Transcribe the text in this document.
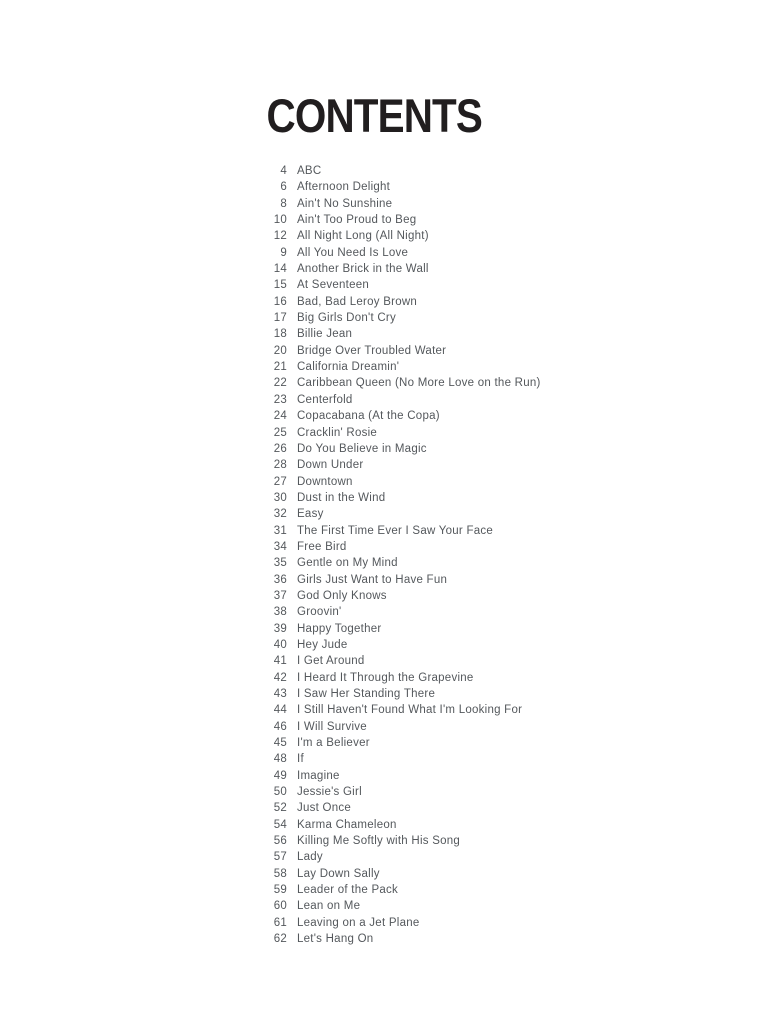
CONTENTS
4 ABC
6 Afternoon Delight
8 Ain't No Sunshine
10 Ain't Too Proud to Beg
12 All Night Long (All Night)
9 All You Need Is Love
14 Another Brick in the Wall
15 At Seventeen
16 Bad, Bad Leroy Brown
17 Big Girls Don't Cry
18 Billie Jean
20 Bridge Over Troubled Water
21 California Dreamin'
22 Caribbean Queen (No More Love on the Run)
23 Centerfold
24 Copacabana (At the Copa)
25 Cracklin' Rosie
26 Do You Believe in Magic
28 Down Under
27 Downtown
30 Dust in the Wind
32 Easy
31 The First Time Ever I Saw Your Face
34 Free Bird
35 Gentle on My Mind
36 Girls Just Want to Have Fun
37 God Only Knows
38 Groovin'
39 Happy Together
40 Hey Jude
41 I Get Around
42 I Heard It Through the Grapevine
43 I Saw Her Standing There
44 I Still Haven't Found What I'm Looking For
46 I Will Survive
45 I'm a Believer
48 If
49 Imagine
50 Jessie's Girl
52 Just Once
54 Karma Chameleon
56 Killing Me Softly with His Song
57 Lady
58 Lay Down Sally
59 Leader of the Pack
60 Lean on Me
61 Leaving on a Jet Plane
62 Let's Hang On
